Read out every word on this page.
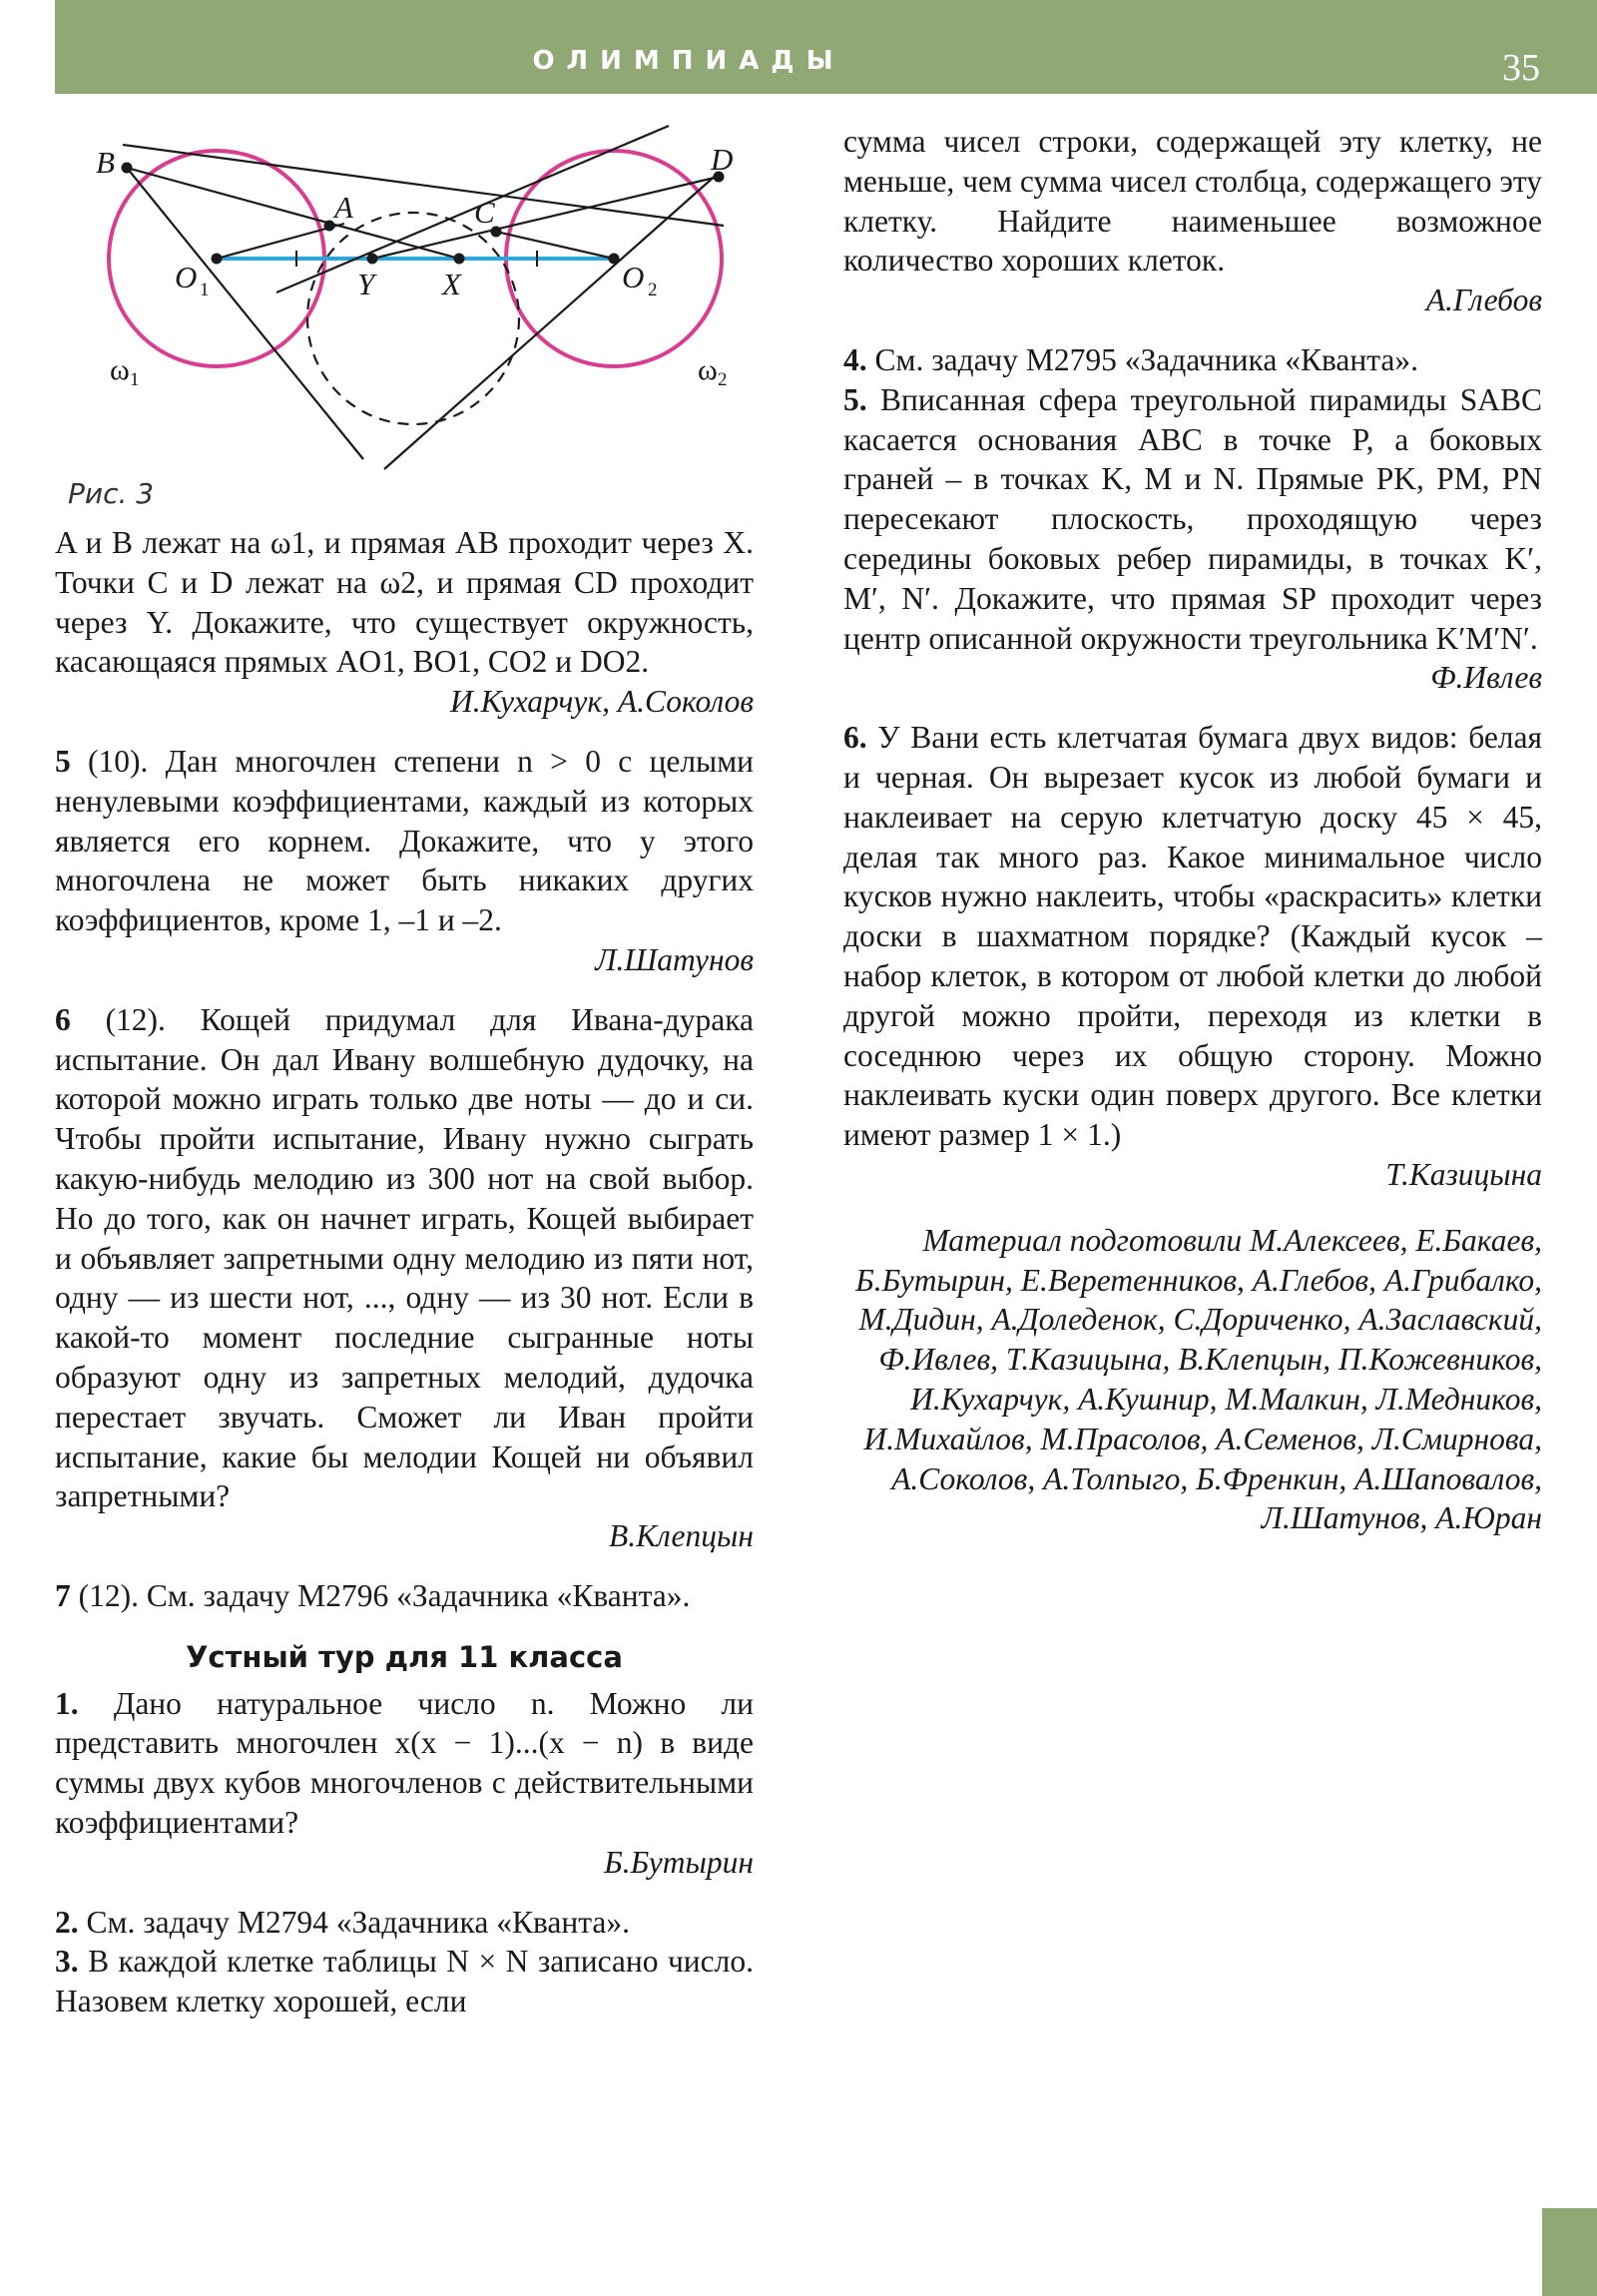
ОЛИМПИАДЫ	35
B	D
A	C
O	O
Y X
1	2
1	2
ω	ω
Рис. 3
A и B лежат на ω1, и прямая AB проходит через X. Точки C и D лежат на ω2, и прямая CD проходит через Y. Докажите, что существует окружность, касающаяся прямых AO1, BO1, CO2 и DO2.
И.Кухарчук, А.Соколов
5 (10). Дан многочлен степени n > 0 с целыми ненулевыми коэффициентами, каждый из которых является его корнем. Докажите, что у этого многочлена не может быть никаких других коэффициентов, кроме 1, –1 и –2.
Л.Шатунов
6 (12). Кощей придумал для Ивана-дурака испытание. Он дал Ивану волшебную дудочку, на которой можно играть только две ноты — до и си. Чтобы пройти испытание, Ивану нужно сыграть какую-нибудь мелодию из 300 нот на свой выбор. Но до того, как он начнет играть, Кощей выбирает и объявляет запретными одну мелодию из пяти нот, одну — из шести нот, ..., одну — из 30 нот. Если в какой-то момент последние сыгранные ноты образуют одну из запретных мелодий, дудочка перестает звучать. Сможет ли Иван пройти испытание, какие бы мелодии Кощей ни объявил запретными?
В.Клепцын
7 (12). См. задачу М2796 «Задачника «Кванта».
Устный тур для 11 класса
1. Дано натуральное число n. Можно ли представить многочлен x(x − 1)...(x − n) в виде суммы двух кубов многочленов с действительными коэффициентами?
Б.Бутырин
2. См. задачу М2794 «Задачника «Кванта».
3. В каждой клетке таблицы N × N записано число. Назовем клетку хорошей, если
сумма чисел строки, содержащей эту клетку, не меньше, чем сумма чисел столбца, содержащего эту клетку. Найдите наименьшее возможное количество хороших клеток.
А.Глебов
4. См. задачу М2795 «Задачника «Кванта».
5. Вписанная сфера треугольной пирамиды SABC касается основания ABC в точке P, а боковых граней – в точках K, M и N. Прямые PK, PM, PN пересекают плоскость, проходящую через середины боковых ребер пирамиды, в точках K′, M′, N′. Докажите, что прямая SP проходит через центр описанной окружности треугольника K′M′N′.
Ф.Ивлев
6. У Вани есть клетчатая бумага двух видов: белая и черная. Он вырезает кусок из любой бумаги и наклеивает на серую клетчатую доску 45 × 45, делая так много раз. Какое минимальное число кусков нужно наклеить, чтобы «раскрасить» клетки доски в шахматном порядке? (Каждый кусок – набор клеток, в котором от любой клетки до любой другой можно пройти, переходя из клетки в соседнюю через их общую сторону. Можно наклеивать куски один поверх другого. Все клетки имеют размер 1 × 1.)
Т.Казицына
Материал подготовили М.Алексеев, Е.Бакаев, Б.Бутырин, Е.Веретенников, А.Глебов, А.Грибалко, М.Дидин, А.Доледенок, С.Дориченко, А.Заславский, Ф.Ивлев, Т.Казицына, В.Клепцын, П.Кожевников, И.Кухарчук, А.Кушнир, М.Малкин, Л.Медников, И.Михайлов, М.Прасолов, А.Семенов, Л.Смирнова, А.Соколов, А.Толпыго, Б.Френкин, А.Шаповалов, Л.Шатунов, А.Юран
